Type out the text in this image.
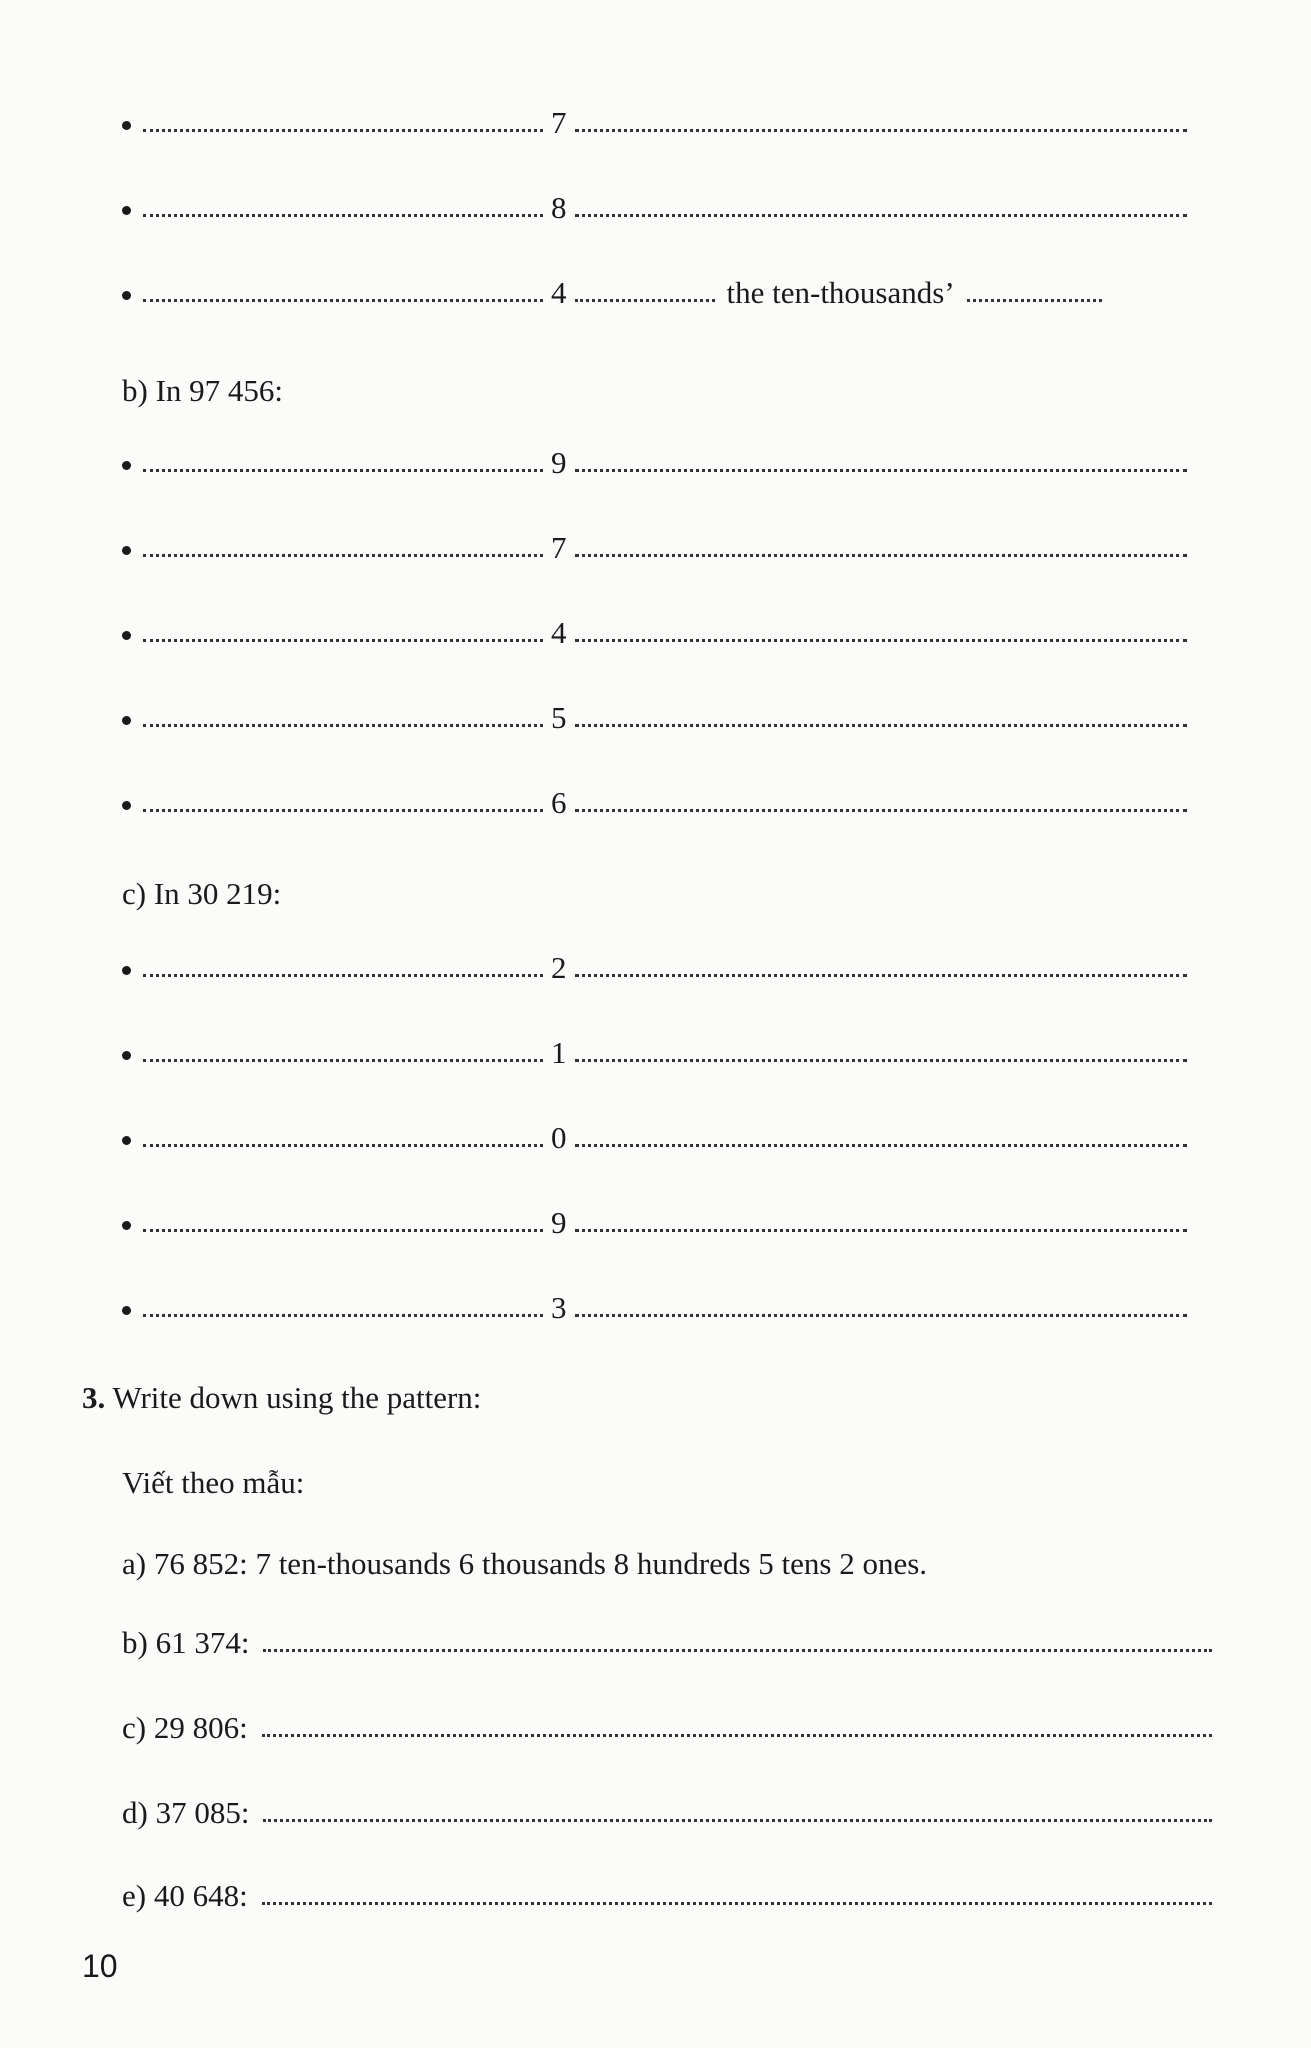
7
8
4	the ten-thousands’
b) In 97 456:
9
7
4
5
6
c) In 30 219:
2
1
0
9
3
3. Write down using the pattern:
Viết theo mẫu:
a) 76 852: 7 ten-thousands 6 thousands 8 hundreds 5 tens 2 ones.
b) 61 374:
c) 29 806:
d) 37 085:
e) 40 648:
10
